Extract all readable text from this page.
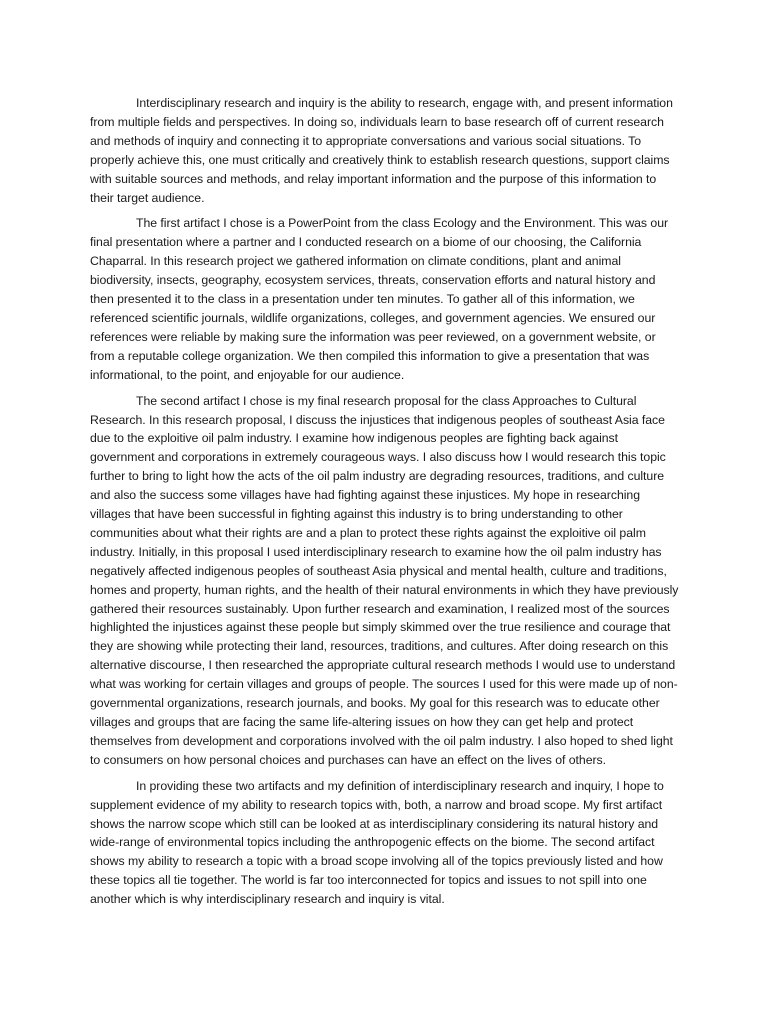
Interdisciplinary research and inquiry is the ability to research, engage with, and present information from multiple fields and perspectives. In doing so, individuals learn to base research off of current research and methods of inquiry and connecting it to appropriate conversations and various social situations. To properly achieve this, one must critically and creatively think to establish research questions, support claims with suitable sources and methods, and relay important information and the purpose of this information to their target audience.

The first artifact I chose is a PowerPoint from the class Ecology and the Environment. This was our final presentation where a partner and I conducted research on a biome of our choosing, the California Chaparral. In this research project we gathered information on climate conditions, plant and animal biodiversity, insects, geography, ecosystem services, threats, conservation efforts and natural history and then presented it to the class in a presentation under ten minutes. To gather all of this information, we referenced scientific journals, wildlife organizations, colleges, and government agencies. We ensured our references were reliable by making sure the information was peer reviewed, on a government website, or from a reputable college organization. We then compiled this information to give a presentation that was informational, to the point, and enjoyable for our audience.

The second artifact I chose is my final research proposal for the class Approaches to Cultural Research. In this research proposal, I discuss the injustices that indigenous peoples of southeast Asia face due to the exploitive oil palm industry. I examine how indigenous peoples are fighting back against government and corporations in extremely courageous ways. I also discuss how I would research this topic further to bring to light how the acts of the oil palm industry are degrading resources, traditions, and culture and also the success some villages have had fighting against these injustices. My hope in researching villages that have been successful in fighting against this industry is to bring understanding to other communities about what their rights are and a plan to protect these rights against the exploitive oil palm industry. Initially, in this proposal I used interdisciplinary research to examine how the oil palm industry has negatively affected indigenous peoples of southeast Asia physical and mental health, culture and traditions, homes and property, human rights, and the health of their natural environments in which they have previously gathered their resources sustainably. Upon further research and examination, I realized most of the sources highlighted the injustices against these people but simply skimmed over the true resilience and courage that they are showing while protecting their land, resources, traditions, and cultures. After doing research on this alternative discourse, I then researched the appropriate cultural research methods I would use to understand what was working for certain villages and groups of people. The sources I used for this were made up of non-governmental organizations, research journals, and books. My goal for this research was to educate other villages and groups that are facing the same life-altering issues on how they can get help and protect themselves from development and corporations involved with the oil palm industry. I also hoped to shed light to consumers on how personal choices and purchases can have an effect on the lives of others.

In providing these two artifacts and my definition of interdisciplinary research and inquiry, I hope to supplement evidence of my ability to research topics with, both, a narrow and broad scope. My first artifact shows the narrow scope which still can be looked at as interdisciplinary considering its natural history and wide-range of environmental topics including the anthropogenic effects on the biome. The second artifact shows my ability to research a topic with a broad scope involving all of the topics previously listed and how these topics all tie together. The world is far too interconnected for topics and issues to not spill into one another which is why interdisciplinary research and inquiry is vital.
